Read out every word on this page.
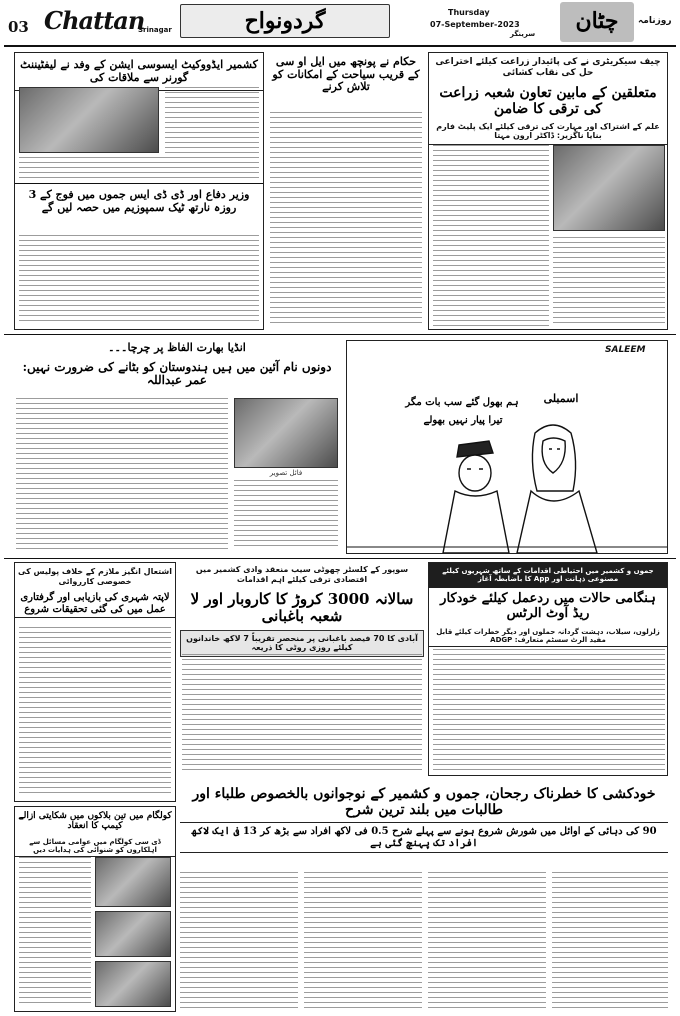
03 Chattan
Srinagar	گردونواح	Thursday
07-September-2023
سرینگر	چٹان	روزنامہ
کشمیر ایڈووکیٹ ایسوسی ایشن کے وفد نے لیفٹیننٹ گورنر سے ملاقات کی
وزیر دفاع اور ڈی ڈی ایس جموں میں فوج کے 3 روزہ نارتھ ٹیک سمپوزیم میں حصہ لیں گے
حکام نے پونچھ میں ایل او سی کے قریب سیاحت کے امکانات کو تلاش کرنے
چیف سیکریٹری نے کی پائیدار زراعت کیلئے اختراعی حل کی نقاب کشائی
متعلقین کے مابین تعاون شعبہ زراعت کی ترقی کا ضامن
علم کے اشتراک اور مہارت کی ترقی کیلئے ایک پلیٹ فارم بنایا ناگزیر: ڈاکٹر ارون مہتا
انڈیا بھارت الفاظ پر چرچا۔۔۔
دونوں نام آئین میں ہیں ہندوستان کو بٹانے کی ضرورت نہیں: عمر عبداللہ
فائل تصویر
SALEEM
اسمبلی
ہم بھول گئے سب بات مگر
تیرا پیار نہیں بھولے
اشتعال انگیز ملازم کے خلاف پولیس کی خصوصی کارروائی
لاپتہ شہری کی بازیابی اور گرفتاری عمل میں کی گئی تحقیقات شروع
کولگام میں تین بلاکوں میں شکایتی ازالے کیمپ کا انعقاد
ڈی سی کولگام میں عوامی مسائل سے اہلکاروں کو شنوائی کی ہدایات دیں
سوپور کے کلسٹر چھوٹی سیب منعقد وادی کشمیر میں اقتصادی ترقی کیلئے اہم اقدامات
سالانہ 3000 کروڑ کا کاروبار اور لا شعبہ باغبانی
آبادی کا 70 فیصد باغبانی پر منحصر تقریباً 7 لاکھ خاندانوں کیلئے روزی روٹی کا ذریعہ
جموں و کشمیر میں احتیاطی اقدامات کے ساتھ شہریوں کیلئے مصنوعی ذہانت اور App کا باضابطہ آغاز
ہنگامی حالات میں ردعمل کیلئے خودکار ریڈ آوٹ الرٹس
زلزلوں، سیلاب، دہشت گردانہ حملوں اور دیگر خطرات کیلئے قابل مفید الرٹ سسٹم متعارف: ADGP
خودکشی کا خطرناک رجحان، جموں و کشمیر کے نوجوانوں بالخصوص طلباء اور طالبات میں بلند ترین شرح
90 کی دہائی کے اوائل میں شورش شروع ہونے سے پہلے شرح 0.5 فی لاکھ افراد سے بڑھ کر 13 فی ایک لاکھ افراد تک پہنچ گئی ہے
